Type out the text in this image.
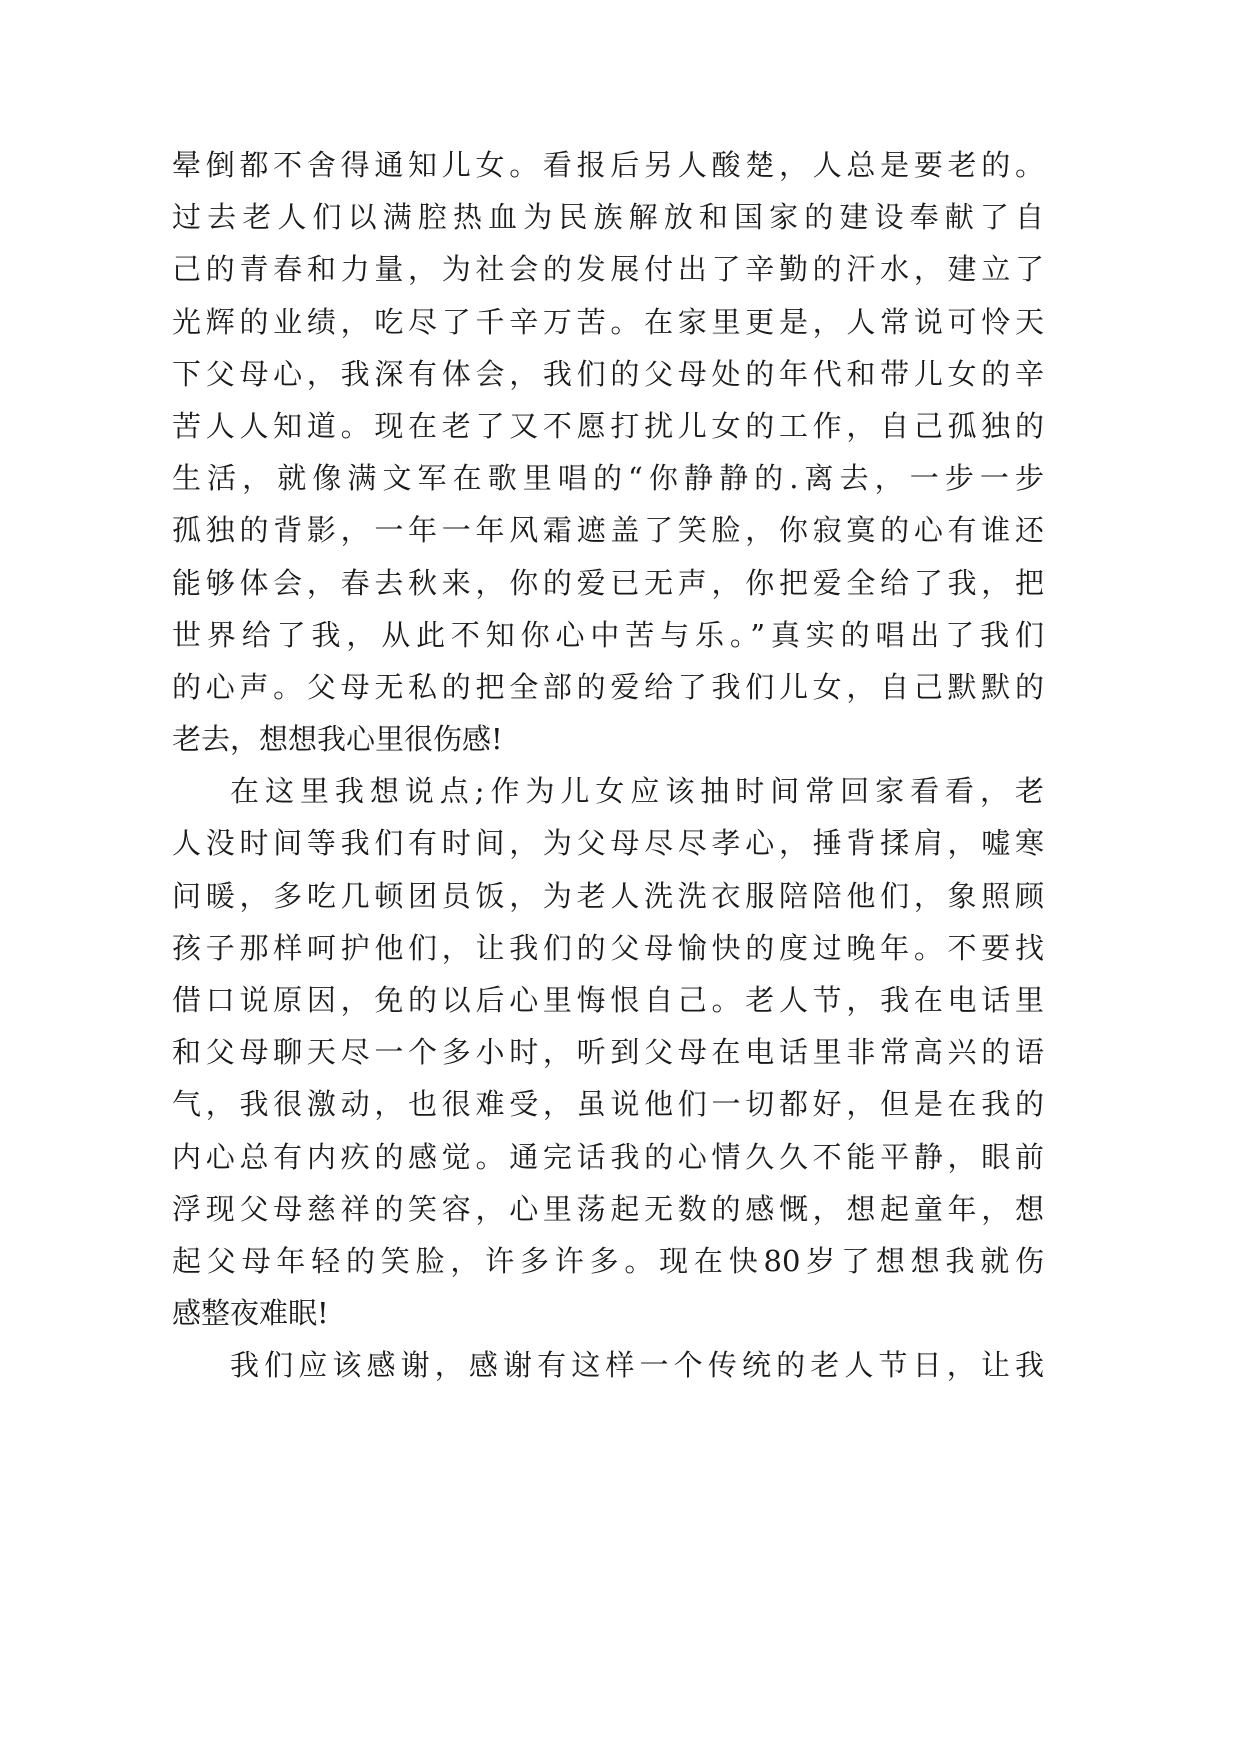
晕倒都不舍得通知儿女。看报后另人酸楚，人总是要老的。
过去老人们以满腔热血为民族解放和国家的建设奉献了自
己的青春和力量，为社会的发展付出了辛勤的汗水，建立了
光辉的业绩，吃尽了千辛万苦。在家里更是，人常说可怜天
下父母心，我深有体会，我们的父母处的年代和带儿女的辛
苦人人知道。现在老了又不愿打扰儿女的工作，自己孤独的
生活，就像满文军在歌里唱的“你静静的.离去，一步一步
孤独的背影，一年一年风霜遮盖了笑脸，你寂寞的心有谁还
能够体会，春去秋来，你的爱已无声，你把爱全给了我，把
世界给了我，从此不知你心中苦与乐。”真实的唱出了我们
的心声。父母无私的把全部的爱给了我们儿女，自己默默的
老去，想想我心里很伤感!
在这里我想说点;作为儿女应该抽时间常回家看看，老
人没时间等我们有时间，为父母尽尽孝心，捶背揉肩，嘘寒
问暖，多吃几顿团员饭，为老人洗洗衣服陪陪他们，象照顾
孩子那样呵护他们，让我们的父母愉快的度过晚年。不要找
借口说原因，免的以后心里悔恨自己。老人节，我在电话里
和父母聊天尽一个多小时，听到父母在电话里非常高兴的语
气，我很激动，也很难受，虽说他们一切都好，但是在我的
内心总有内疚的感觉。通完话我的心情久久不能平静，眼前
浮现父母慈祥的笑容，心里荡起无数的感慨，想起童年，想
起父母年轻的笑脸，许多许多。现在快80岁了想想我就伤
感整夜难眠!
我们应该感谢，感谢有这样一个传统的老人节日，让我
